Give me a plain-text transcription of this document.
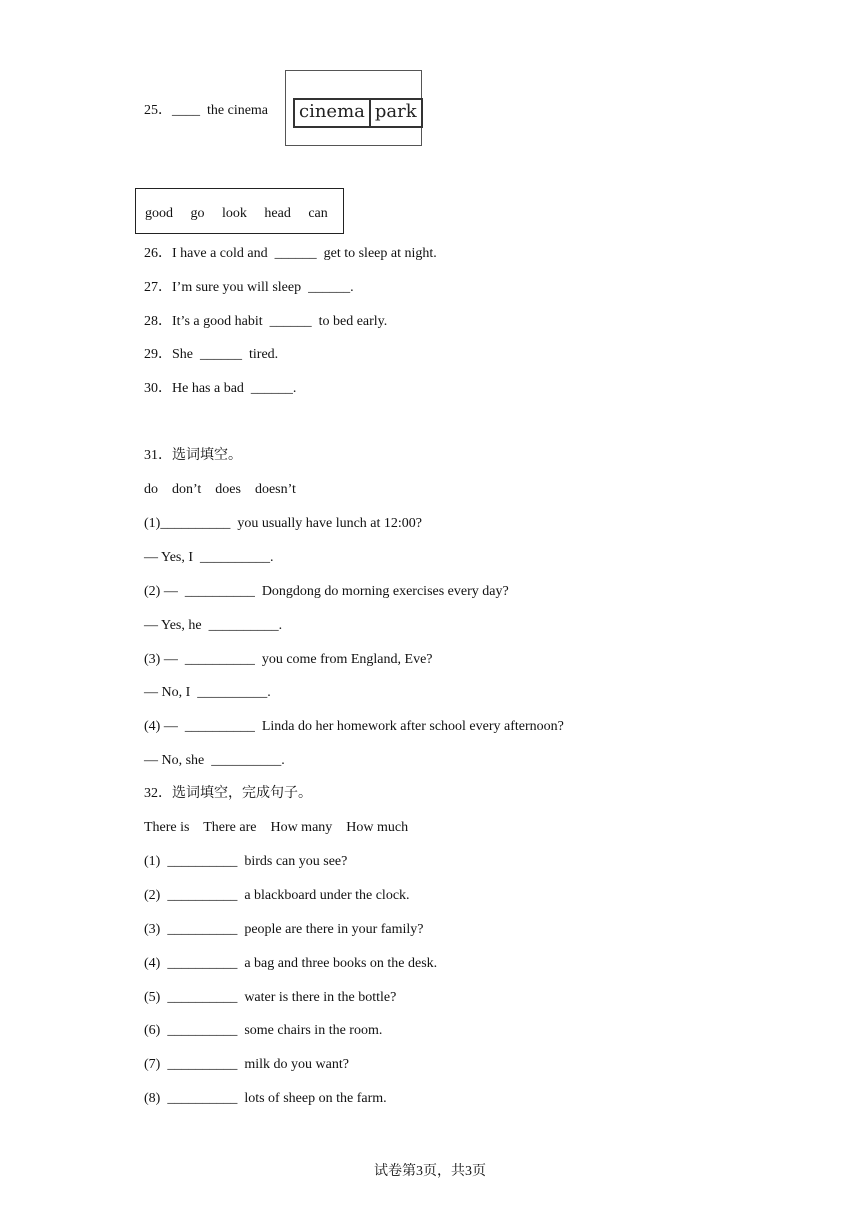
25．____  the cinema cinema park
good     go     look     head     can
26．I have a cold and  ______  get to sleep at night.
27．I’m sure you will sleep  ______.
28．It’s a good habit  ______  to bed early.
29．She  ______  tired.
30．He has a bad  ______.
31．选词填空。
do    don’t    does    doesn’t
(1)__________  you usually have lunch at 12:00?
— Yes, I  __________.
(2) —  __________  Dongdong do morning exercises every day?
— Yes, he  __________.
(3) —  __________  you come from England, Eve?
— No, I  __________.
(4) —  __________  Linda do her homework after school every afternoon?
— No, she  __________.
32．选词填空，完成句子。
There is    There are    How many    How much
(1)  __________  birds can you see?
(2)  __________  a blackboard under the clock.
(3)  __________  people are there in your family?
(4)  __________  a bag and three books on the desk.
(5)  __________  water is there in the bottle?
(6)  __________  some chairs in the room.
(7)  __________  milk do you want?
(8)  __________  lots of sheep on the farm.
试卷第3页，共3页
